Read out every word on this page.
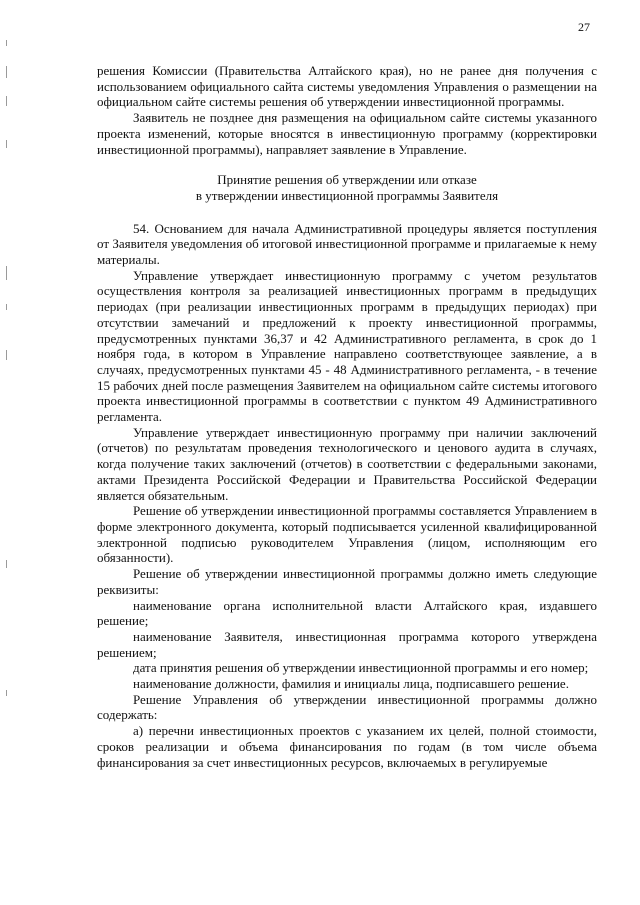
27

решения Комиссии (Правительства Алтайского края), но не ранее дня получения с использованием официального сайта системы уведомления Управления о размещении на официальном сайте системы решения об утверждении инвестиционной программы.

Заявитель не позднее дня размещения на официальном сайте системы указанного проекта изменений, которые вносятся в инвестиционную программу (корректировки инвестиционной программы), направляет заявление в Управление.

Принятие решения об утверждении или отказе
в утверждении инвестиционной программы Заявителя

54. Основанием для начала Административной процедуры является поступления от Заявителя уведомления об итоговой инвестиционной программе и прилагаемые к нему материалы.

Управление утверждает инвестиционную программу с учетом результатов осуществления контроля за реализацией инвестиционных программ в предыдущих периодах (при реализации инвестиционных программ в предыдущих периодах) при отсутствии замечаний и предложений к проекту инвестиционной программы, предусмотренных пунктами 36,37 и 42 Административного регламента, в срок до 1 ноября года, в котором в Управление направлено соответствующее заявление, а в случаях, предусмотренных пунктами 45 - 48 Административного регламента, - в течение 15 рабочих дней после размещения Заявителем на официальном сайте системы итогового проекта инвестиционной программы в соответствии с пунктом 49 Административного регламента.

Управление утверждает инвестиционную программу при наличии заключений (отчетов) по результатам проведения технологического и ценового аудита в случаях, когда получение таких заключений (отчетов) в соответствии с федеральными законами, актами Президента Российской Федерации и Правительства Российской Федерации является обязательным.

Решение об утверждении инвестиционной программы составляется Управлением в форме электронного документа, который подписывается усиленной квалифицированной электронной подписью руководителем Управления (лицом, исполняющим его обязанности).

Решение об утверждении инвестиционной программы должно иметь следующие реквизиты:

наименование органа исполнительной власти Алтайского края, издавшего решение;

наименование Заявителя, инвестиционная программа которого утверждена решением;

дата принятия решения об утверждении инвестиционной программы и его номер;

наименование должности, фамилия и инициалы лица, подписавшего решение.

Решение Управления об утверждении инвестиционной программы должно содержать:

а) перечни инвестиционных проектов с указанием их целей, полной стоимости, сроков реализации и объема финансирования по годам (в том числе объема финансирования за счет инвестиционных ресурсов, включаемых в регулируемые
